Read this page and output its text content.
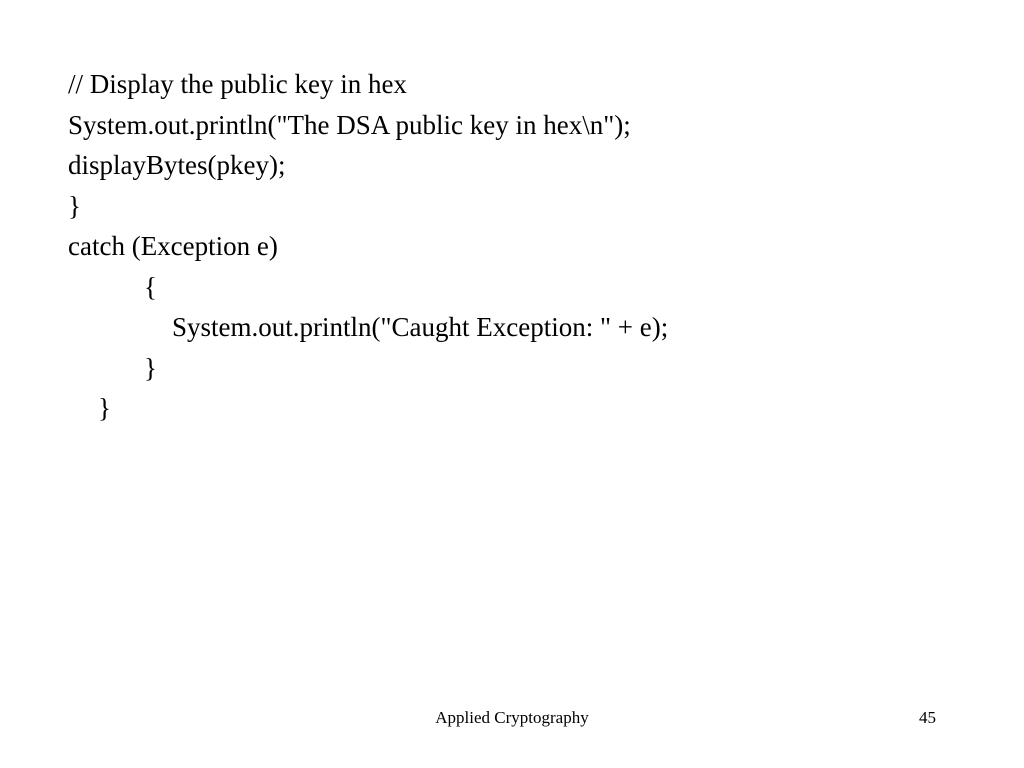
// Display the public key in hex
System.out.println("The DSA public key in hex\n");
displayBytes(pkey);
}
catch (Exception e)
{
System.out.println("Caught Exception: " + e);
}
}
Applied Cryptography	45
